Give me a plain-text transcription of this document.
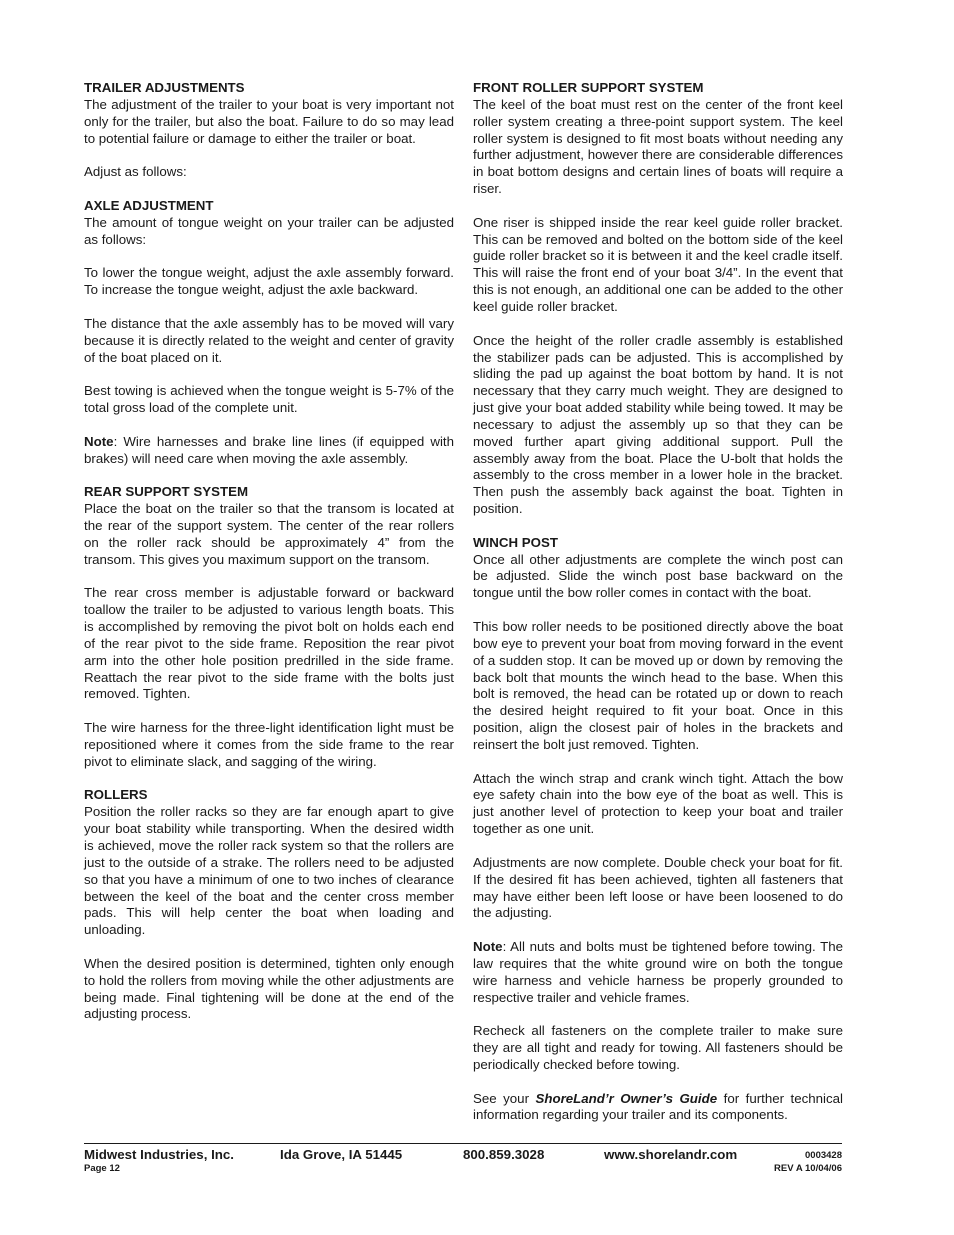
TRAILER ADJUSTMENTS

The adjustment of the trailer to your boat is very important not only for the trailer, but also the boat. Failure to do so may lead to potential failure or damage to either the trailer or boat.

Adjust as follows:

AXLE ADJUSTMENT

The amount of tongue weight on your trailer can be adjusted as follows:

To lower the tongue weight, adjust the axle assembly forward. To increase the tongue weight, adjust the axle backward.

The distance that the axle assembly has to be moved will vary because it is directly related to the weight and center of gravity of the boat placed on it.

Best towing is achieved when the tongue weight is 5-7% of the total gross load of the complete unit.

Note: Wire harnesses and brake line lines (if equipped with brakes) will need care when moving the axle assembly.

REAR SUPPORT SYSTEM

Place the boat on the trailer so that the transom is located at the rear of the support system. The center of the rear rollers on the roller rack should be approximately 4” from the transom. This gives you maximum support on the transom.

The rear cross member is adjustable forward or backward toallow the trailer to be adjusted to various length boats. This is accomplished by removing the pivot bolt on holds each end of the rear pivot to the side frame. Reposition the rear pivot arm into the other hole position predrilled in the side frame. Reattach the rear pivot to the side frame with the bolts just removed. Tighten.

The wire harness for the three-light identification light must be repositioned where it comes from the side frame to the rear pivot to eliminate slack, and sagging of the wiring.

ROLLERS

Position the roller racks so they are far enough apart to give your boat stability while transporting. When the desired width is achieved, move the roller rack system so that the rollers are just to the outside of a strake. The rollers need to be adjusted so that you have a minimum of one to two inches of clearance between the keel of the boat and the center cross member pads. This will help center the boat when loading and unloading.

When the desired position is determined, tighten only enough to hold the rollers from moving while the other adjustments are being made. Final tightening will be done at the end of the adjusting process.

FRONT ROLLER SUPPORT SYSTEM

The keel of the boat must rest on the center of the front keel roller system creating a three-point support system. The keel roller system is designed to fit most boats without needing any further adjustment, however there are considerable differences in boat bottom designs and certain lines of boats will require a riser.

One riser is shipped inside the rear keel guide roller bracket. This can be removed and bolted on the bottom side of the keel guide roller bracket so it is between it and the keel cradle itself. This will raise the front end of your boat 3/4”. In the event that this is not enough, an additional one can be added to the other keel guide roller bracket.

Once the height of the roller cradle assembly is established the stabilizer pads can be adjusted. This is accomplished by sliding the pad up against the boat bottom by hand. It is not necessary that they carry much weight. They are designed to just give your boat added stability while being towed. It may be necessary to adjust the assembly up so that they can be moved further apart giving additional support. Pull the assembly away from the boat. Place the U-bolt that holds the assembly to the cross member in a lower hole in the bracket. Then push the assembly back against the boat. Tighten in position.

WINCH POST

Once all other adjustments are complete the winch post can be adjusted. Slide the winch post base backward on the tongue until the bow roller comes in contact with the boat.

This bow roller needs to be positioned directly above the boat bow eye to prevent your boat from moving forward in the event of a sudden stop. It can be moved up or down by removing the back bolt that mounts the winch head to the base. When this bolt is removed, the head can be rotated up or down to reach the desired height required to fit your boat. Once in this position, align the closest pair of holes in the brackets and reinsert the bolt just removed. Tighten.

Attach the winch strap and crank winch tight. Attach the bow eye safety chain into the bow eye of the boat as well. This is just another level of protection to keep your boat and trailer together as one unit.

Adjustments are now complete. Double check your boat for fit. If the desired fit has been achieved, tighten all fasteners that may have either been left loose or have been loosened to do the adjusting.

Note: All nuts and bolts must be tightened before towing. The law requires that the white ground wire on both the tongue wire harness and vehicle harness be properly grounded to respective trailer and vehicle frames.

Recheck all fasteners on the complete trailer to make sure they are all tight and ready for towing. All fasteners should be periodically checked before towing.

See your ShoreLand’r Owner’s Guide for further technical information regarding your trailer and its components.

Midwest Industries, Inc.	Ida Grove, IA 51445	800.859.3028	www.shorelandr.com	0003428
Page 12	REV A 10/04/06
